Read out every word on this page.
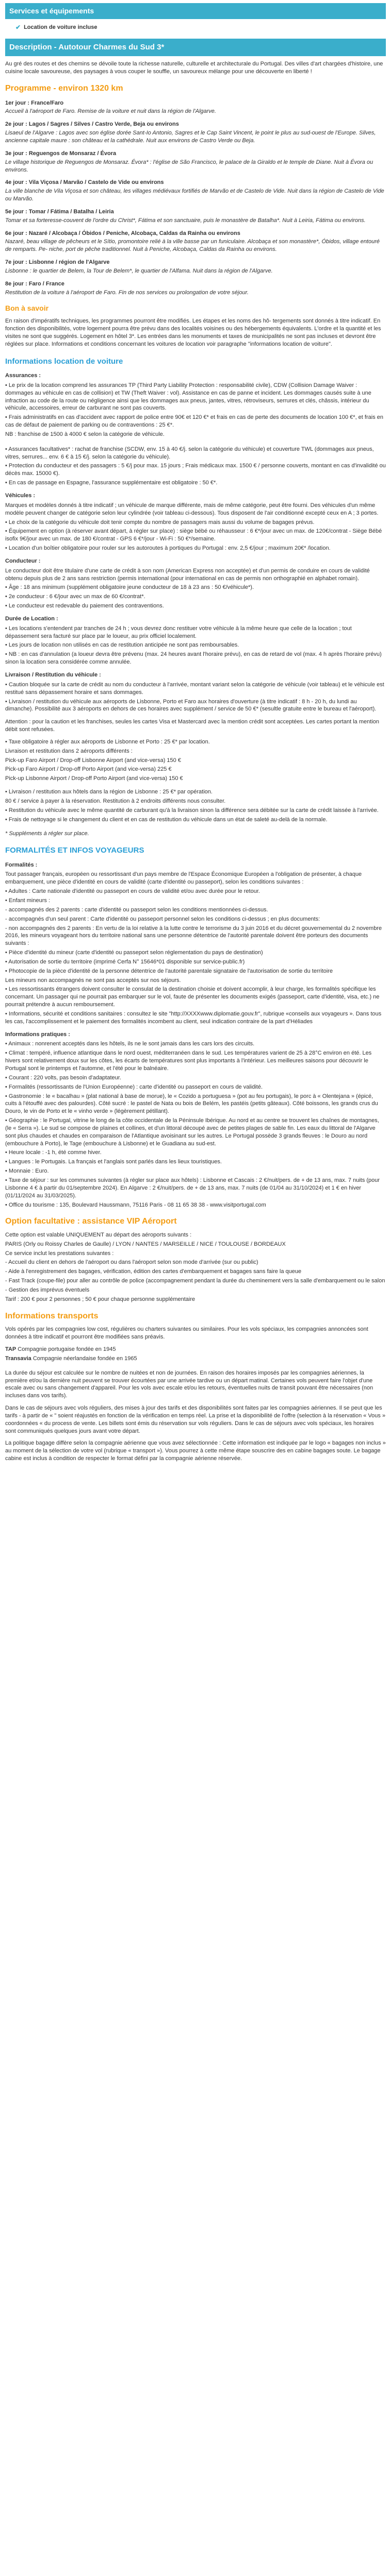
Services et équipements
✔ Location de voiture incluse
Description - Autotour Charmes du Sud 3*

Au gré des routes et des chemins se dévoile toute la richesse naturelle, culturelle et architecturale du Portugal. Des villes d'art chargées d'histoire, une cuisine locale savoureuse, des paysages à vous couper le souffle, un savoureux mélange pour une découverte en liberté !

Programme - environ 1320 km
1er jour : France/Faro
Accueil à l'aéroport de Faro. Remise de la voiture et nuit dans la région de l'Algarve.
2e jour : Lagos / Sagres / Silves / Castro Verde, Beja ou environs
Lisaeul de l'Algarve : Lagos avec son église dorée Sant-Io Antonio, Sagres et le Cap Saint Vincent, le point le plus au sud-ouest de l'Europe. Silves, ancienne capitale maure : son château et la cathédrale. Nuit aux environs de Castro Verde ou Beja.
3e jour : Reguengos de Monsaraz / Évora
Le village historique de Reguengos de Monsaraz. Évora* : l'église de São Francisco, le palace de la Giraldo et le temple de Diane. Nuit à Évora ou environs.
4e jour : Vila Viçosa / Marvão / Castelo de Vide ou environs
La ville blanche de Vila Viçosa et son château, les villages médiévaux fortifiés de Marvão et de Castelo de Vide. Nuit dans la région de Castelo de Vide ou Marvão.
5e jour : Tomar / Fátima / Batalha / Leiria
Tomar et sa forteresse-couvent de l'ordre du Christ*, Fátima et son sanctuaire, puis le monastère de Batalha*. Nuit à Leiria, Fátima ou environs.
6e jour : Nazaré / Alcobaça / Óbidos / Peniche, Alcobaça, Caldas da Rainha ou environs
Nazaré, beau village de pêcheurs et le Sítio, promontoire relié à la ville basse par un funiculaire. Alcobaça et son monastère*, Óbidos, village entouré de remparts. Pe- niche, port de pêche traditionnel. Nuit à Peniche, Alcobaça, Caldas da Rainha ou environs.
7e jour : Lisbonne / région de l'Algarve
Lisbonne : le quartier de Belem, la Tour de Belem*, le quartier de l'Alfama. Nuit dans la région de l'Algarve.
8e jour : Faro / France
Restitution de la voiture à l'aéroport de Faro. Fin de nos services ou prolongation de votre séjour.
Bon à savoir

En raison d'impératifs techniques, les programmes pourront être modifiés. Les étapes et les noms des hô- tergements sont donnés à titre indicatif. En fonction des disponibilités, votre logement pourra être prévu dans des localités voisines ou des hébergements équivalents. L'ordre et la quantité et les visites ne sont que suggérés. Logement en hôtel 3*. Les entrées dans les monuments et taxes de municipalités ne sont pas incluses et devront être réglées sur place. Informations et conditions concernant les voitures de location voir paragraphe "informations location de voiture".

Informations location de voiture
Assurances :
• Le prix de la location comprend les assurances TP (Third Party Liability Protection : responsabilité civile), CDW (Collision Damage Waiver : dommages au véhicule en cas de collision) et TW (Theft Waiver : vol). Assistance en cas de panne et incident. Les dommages causés suite à une infraction au code de la route ou négligence ainsi que les dommages aux pneus, jantes, vitres, rétroviseurs, serrures et clés, châssis, intérieur du véhicule, accessoires, erreur de carburant ne sont pas couverts.
• Frais administratifs en cas d'accident avec rapport de police entre 90€ et 120 €* et frais en cas de perte des documents de location 100 €*, et frais en cas de défaut de paiement de parking ou de contraventions : 25 €*.
NB : franchise de 1500 à 4000 € selon la catégorie de véhicule.
• Assurances facultatives* : rachat de franchise (SCDW, env. 15 à 40 €/j. selon la catégorie du véhicule) et couverture TWL (dommages aux pneus, vitres, serrures... env. 6 € à 15 €/j. selon la catégorie du véhicule).
• Protection du conducteur et des passagers : 5 €/j pour max. 15 jours ; Frais médicaux max. 1500 € / personne couverts, montant en cas d'invalidité ou décès max. 15000 €).
• En cas de passage en Espagne, l'assurance supplémentaire est obligatoire : 50 €*.
Véhicules :
Marques et modèles donnés à titre indicatif ; un véhicule de marque différente, mais de même catégorie, peut être fourni. Des véhicules d'un même modèle peuvent changer de catégorie selon leur cylindrée (voir tableau ci-dessous). Tous disposent de l'air conditionné excepté ceux en A ; 3 portes.
• Le choix de la catégorie du véhicule doit tenir compte du nombre de passagers mais aussi du volume de bagages prévus.
• Équipement en option (à réserver avant départ, à régler sur place) : siège bébé ou réhausseur : 6 €*/jour avec un max. de 120€/contrat - Siège Bébé isofix 9€/jour avec un max. de 180 €/contrat - GPS 6 €*/jour - Wi-Fi : 50 €*/semaine.
• Location d'un boîtier obligatoire pour rouler sur les autoroutes à portiques du Portugal : env. 2,5 €/jour ; maximum 20€* /location.
Conducteur :
Le conducteur doit être titulaire d'une carte de crédit à son nom (American Express non acceptée) et d'un permis de conduire en cours de validité obtenu depuis plus de 2 ans sans restriction (permis international (pour international en cas de permis non orthographié en alphabet romain).
• Âge : 18 ans minimum (supplément obligatoire jeune conducteur de 18 à 23 ans : 50 €/véhicule*).
• 2e conducteur : 6 €/jour avec un max de 60 €/contrat*.
• Le conducteur est redevable du paiement des contraventions.
Durée de Location :
• Les locations s'entendent par tranches de 24 h ; vous devrez donc restituer votre véhicule à la même heure que celle de la location ; tout dépassement sera facturé sur place par le loueur, au prix officiel localement.
• Les jours de location non utilisés en cas de restitution anticipée ne sont pas remboursables.
• NB : en cas d'annulation (a loueur devra être prévenu (max. 24 heures avant l'horaire prévu), en cas de retard de vol (max. 4 h après l'horaire prévu) sinon la location sera considérée comme annulée.
Livraison / Restitution du véhicule :
• Caution bloquée sur la carte de crédit au nom du conducteur à l'arrivée, montant variant selon la catégorie de véhicule (voir tableau) et le véhicule est restitué sans dépassement horaire et sans dommages.
• Livraison / restitution du véhicule aux aéroports de Lisbonne, Porto et Faro aux horaires d'ouverture (à titre indicatif : 8 h - 20 h, du lundi au dimanche). Possibilité aux 3 aéroports en dehors de ces horaires avec supplément / service de 50 €* (sesultle gratuite entre le bureau et l'aéroport).

Attention : pour la caution et les franchises, seules les cartes Visa et Mastercard avec la mention crédit sont acceptées. Les cartes portant la mention débit sont refusées.

• Taxe obligatoire à régler aux aéroports de Lisbonne et Porto : 25 €* par location.
Livraison et restitution dans 2 aéroports différents :
Pick-up Faro Airport / Drop-off Lisbonne Airport (and vice-versa) 150 €
Pick-up Faro Airport / Drop-off Porto Airport (and vice-versa) 225 €
Pick-up Lisbonne Airport / Drop-off Porto Airport (and vice-versa) 150 €
• Livraison / restitution aux hôtels dans la région de Lisbonne : 25 €* par opération.
80 € / service à payer à la réservation. Restitution à 2 endroits différents nous consulter.
• Restitution du véhicule avec le même quantité de carburant qu'à la livraison sinon la différence sera débitée sur la carte de crédit laissée à l'arrivée.
• Frais de nettoyage si le changement du client et en cas de restitution du véhicule dans un état de saleté au-delà de la normale.
* Suppléments à régler sur place.
FORMALITÉS ET INFOS VOYAGEURS
Formalités :
Tout passager français, européen ou ressortissant d'un pays membre de l'Espace Économique Européen a l'obligation de présenter, à chaque embarquement, une pièce d'identité en cours de validité (carte d'identité ou passeport), selon les conditions suivantes :
• Adultes : Carte nationale d'identité ou passeport en cours de validité et/ou avec durée pour le retour.
• Enfant mineurs :
- accompagnés des 2 parents : carte d'identité ou passeport selon les conditions mentionnées ci-dessus.
- accompagnés d'un seul parent : Carte d'identité ou passeport personnel selon les conditions ci-dessus ; en plus documents:
- non accompagnés des 2 parents : En vertu de la loi relative à la lutte contre le terrorisme du 3 juin 2016 et du décret gouvernemental du 2 novembre 2016, les mineurs voyageant hors du territoire national sans une personne détentrice de l'autorité parentale doivent être porteurs des documents suivants :
• Pièce d'identité du mineur (carte d'identité ou passeport selon réglementation du pays de destination)
• Autorisation de sortie du territoire (imprimé Cerfa N° 15646*01 disponible sur service-public.fr)
• Photocopie de la pièce d'identité de la personne détentrice de l'autorité parentale signataire de l'autorisation de sortie du territoire
Les mineurs non accompagnés ne sont pas acceptés sur nos séjours.
• Les ressortissants étrangers doivent consulter le consulat de la destination choisie et doivent accomplir, à leur charge, les formalités spécifique les concernant. Un passager qui ne pourrait pas embarquer sur le vol, faute de présenter les documents exigés (passeport, carte d'identité, visa, etc.) ne pourrait prétendre à aucun remboursement.
• Informations, sécurité et conditions sanitaires : consultez le site "http://XXXXwww.diplomatie.gouv.fr", rubrique «conseils aux voyageurs ». Dans tous les cas, l'accomplissement et le paiement des formalités incombent au client, seul indication contraire de la part d'Héliades
Informations pratiques :
• Animaux : nonrenent acceptés dans les hôtels, ils ne le sont jamais dans les cars lors des circuits.
• Climat : tempéré, influence atlantique dans le nord ouest, méditerranéen dans le sud. Les températures varient de 25 à 28°C environ en été. Les hivers sont relativement doux sur les côtes, les écarts de températures sont plus importants à l'intérieur. Les meilleures saisons pour découvrir le Portugal sont le printemps et l'automne, et l'été pour le balnéaire.
• Courant : 220 volts, pas besoin d'adaptateur.
• Formalités (ressortissants de l'Union Européenne) : carte d'identité ou passeport en cours de validité.
• Gastronomie : le « bacalhau » (plat national à base de morue), le « Cozido a portuguesa » (pot au feu portugais), le porc à « Olentejana » (épicé, cuits à l'étouffé avec des palourdes). Côté sucré : le pastel de Nata ou bois de Belém, les pastéis (petits gâteaux). Côté boissons, les grands crus du Douro, le vin de Porto et le « vinho verde » (légèrement pétillant).
• Géographie : le Portugal, vitrine le long de la côte occidentale de la Péninsule Ibérique. Au nord et au centre se trouvent les chaînes de montagnes, (le « Serra »). Le sud se compose de plaines et collines, et d'un littoral découpé avec de petites plages de sable fin. Les eaux du littoral de l'Algarve sont plus chaudes et chaudes en comparaison de l'Atlantique avoisinant sur les autres. Le Portugal possède 3 grands fleuves : le Douro au nord (embouchure à Porto), le Tage (embouchure à Lisbonne) et le Guadiana au sud-est.
• Heure locale : -1 h, été comme hiver.
• Langues : le Portugais. La français et l'anglais sont parlés dans les lieux touristiques.
• Monnaie : Euro.
• Taxe de séjour : sur les communes suivantes (à régler sur place aux hôtels) : Lisbonne et Cascais : 2 €/nuit/pers. de + de 13 ans, max. 7 nuits (pour Lisbonne 4 € à partir du 01/septembre 2024). En Algarve : 2 €/nuit/pers. de + de 13 ans, max. 7 nuits (de 01/04 au 31/10/2024) et 1 € en hiver (01/11/2024 au 31/03/2025).
• Office du tourisme : 135, Boulevard Haussmann, 75116 Paris - 08 11 65 38 38 - www.visitportugal.com
Option facultative : assistance VIP Aéroport
Cette option est valable UNIQUEMENT au départ des aéroports suivants :
PARIS (Orly ou Roissy Charles de Gaulle) / LYON / NANTES / MARSEILLE / NICE / TOULOUSE / BORDEAUX
Ce service inclut les prestations suivantes :
- Accueil du client en dehors de l'aéroport ou dans l'aéroport selon son mode d'arrivée (sur ou public)
- Aide à l'enregistrement des bagages, vérification, édition des cartes d'embarquement et bagages sans faire la queue
- Fast Track (coupe-file) pour aller au contrôle de police (accompagnement pendant la durée du cheminement vers la salle d'embarquement ou le salon
- Gestion des imprévus éventuels
Tarif : 200 € pour 2 personnes ; 50 € pour chaque personne supplémentaire
Informations transports

Vols opérés par les compagnies low cost, régulières ou charters suivantes ou similaires. Pour les vols spéciaux, les compagnies annoncées sont données à titre indicatif et pourront être modifiées sans préavis.

TAP Compagnie portugaise fondée en 1945
Transavia Compagnie néerlandaise fondée en 1965

La durée du séjour est calculée sur le nombre de nuitées et non de journées. En raison des horaires imposés par les compagnies aériennes, la première et/ou la dernière nuit peuvent se trouver écourtées par une arrivée tardive ou un départ matinal. Certaines vols peuvent faire l'objet d'une escale avec ou sans changement d'appareil. Pour les vols avec escale et/ou les retours, éventuelles nuits de transit pouvant être nécessaires (non incluses dans vos tarifs).

Dans le cas de séjours avec vols réguliers, des mises à jour des tarifs et des disponibilités sont faites par les compagnies aériennes. Il se peut que les tarifs - à partir de « " soient réajustés en fonction de la vérification en temps réel. La prise et la disponibilité de l'offre (selection à la réservation « Vous » coordonnées « du process de vente. Les billets sont émis du réservation sur vols réguliers. Dans le cas de séjours avec vols spéciaux, les horaires sont communiqués quelques jours avant votre départ.

La politique bagage diffère selon la compagnie aérienne que vous avez sélectionnée : Cette information est indiquée par le logo « bagages non inclus » au moment de la sélection de votre vol (rubrique « transport »). Vous pourrez à cette même étape souscrire des en cabine bagages soute. Le bagage cabine est inclus à condition de respecter le format défini par la compagnie aérienne réservée.
